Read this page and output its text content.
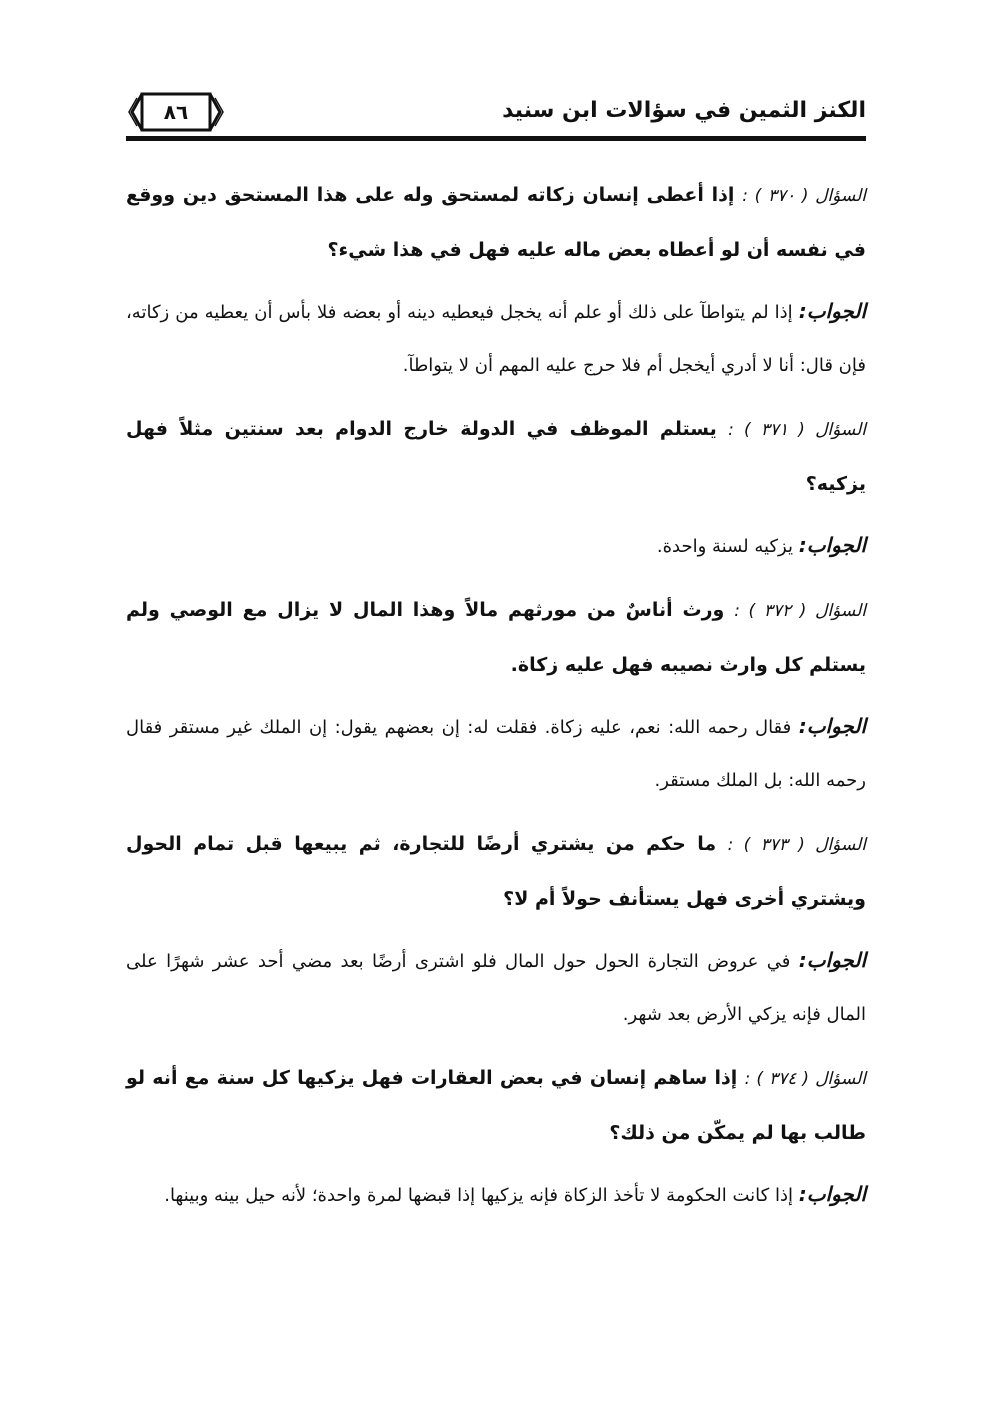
الكنز الثمين في سؤالات ابن سنيد
٨٦

السؤال ( ٣٧٠ ) : إذا أعطى إنسان زكاته لمستحق وله على هذا المستحق دين ووقع في نفسه أن لو أعطاه بعض ماله عليه فهل في هذا شيء؟

الجواب: إذا لم يتواطآ على ذلك أو علم أنه يخجل فيعطيه دينه أو بعضه فلا بأس أن يعطيه من زكاته، فإن قال: أنا لا أدري أيخجل أم فلا حرج عليه المهم أن لا يتواطآ.

السؤال ( ٣٧١ ) : يستلم الموظف في الدولة خارج الدوام بعد سنتين مثلاً فهل يزكيه؟

الجواب: يزكيه لسنة واحدة.

السؤال ( ٣٧٢ ) : ورث أناسٌ من مورثهم مالاً وهذا المال لا يزال مع الوصي ولم يستلم كل وارث نصيبه فهل عليه زكاة.

الجواب: فقال رحمه الله: نعم، عليه زكاة. فقلت له: إن بعضهم يقول: إن الملك غير مستقر فقال رحمه الله: بل الملك مستقر.

السؤال ( ٣٧٣ ) : ما حكم من يشتري أرضًا للتجارة، ثم يبيعها قبل تمام الحول ويشتري أخرى فهل يستأنف حولاً أم لا؟

الجواب: في عروض التجارة الحول حول المال فلو اشترى أرضًا بعد مضي أحد عشر شهرًا على المال فإنه يزكي الأرض بعد شهر.

السؤال ( ٣٧٤ ) : إذا ساهم إنسان في بعض العقارات فهل يزكيها كل سنة مع أنه لو طالب بها لم يمكّن من ذلك؟

الجواب: إذا كانت الحكومة لا تأخذ الزكاة فإنه يزكيها إذا قبضها لمرة واحدة؛ لأنه حيل بينه وبينها.
